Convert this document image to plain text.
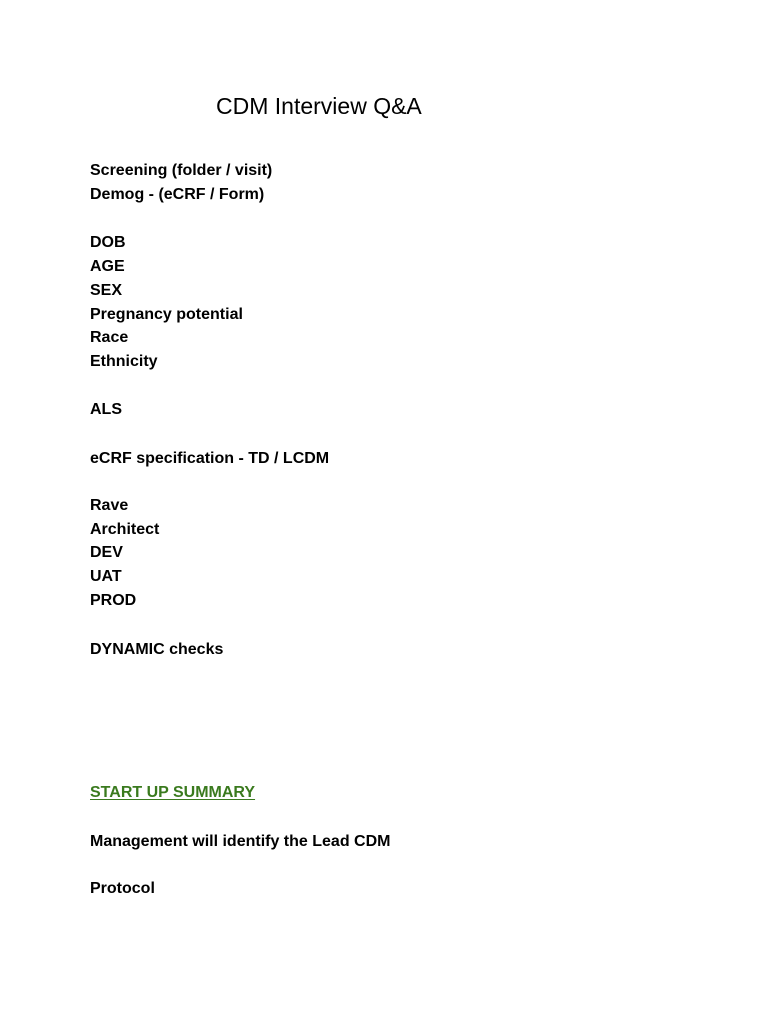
CDM Interview Q&A
Screening (folder / visit)
Demog - (eCRF / Form)
DOB
AGE
SEX
Pregnancy potential
Race
Ethnicity
ALS
eCRF specification - TD / LCDM
Rave
Architect
DEV
UAT
PROD
DYNAMIC checks
START UP SUMMARY
Management will identify the Lead CDM
Protocol
